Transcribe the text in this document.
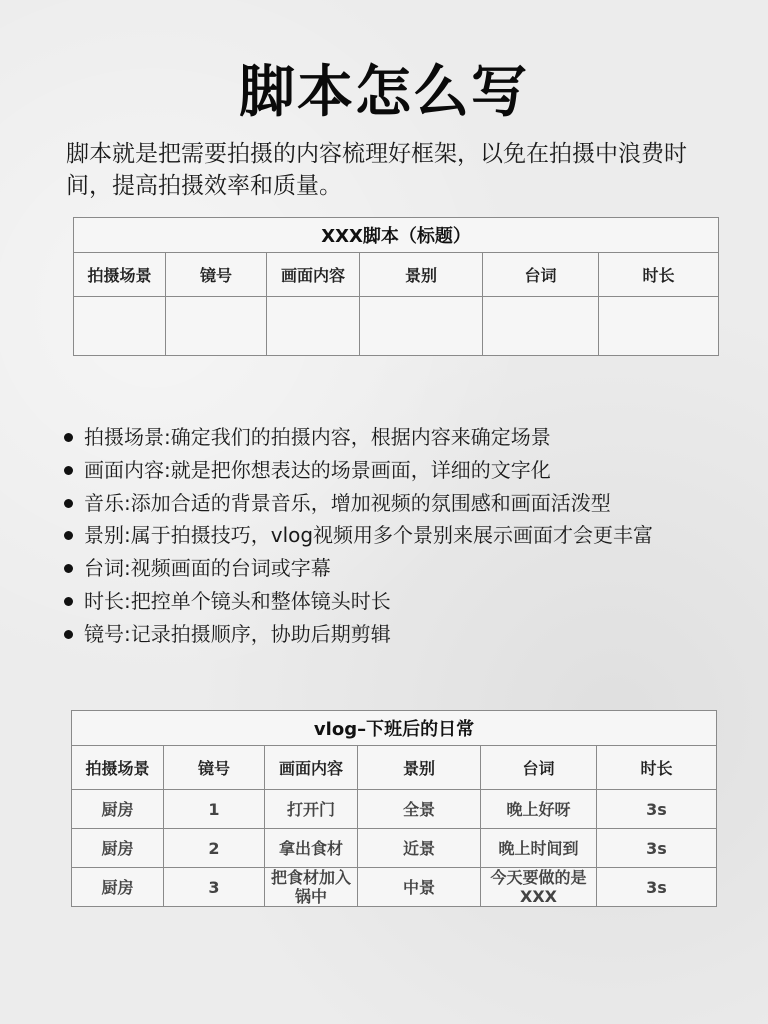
脚本怎么写
脚本就是把需要拍摄的内容梳理好框架，以免在拍摄中浪费时间，提高拍摄效率和质量。
XXX脚本（标题）					
拍摄场景	镜号	画面内容	景别	台词	时长

拍摄场景:确定我们的拍摄内容，根据内容来确定场景
画面内容:就是把你想表达的场景画面，详细的文字化
音乐:添加合适的背景音乐，增加视频的氛围感和画面活泼型
景别:属于拍摄技巧，vlog视频用多个景别来展示画面才会更丰富
台词:视频画面的台词或字幕
时长:把控单个镜头和整体镜头时长
镜号:记录拍摄顺序，协助后期剪辑
vlog–下班后的日常					
拍摄场景	镜号	画面内容	景别	台词	时长
厨房	1	打开门	全景	晚上好呀	3s
厨房	2	拿出食材	近景	晚上时间到	3s
厨房	3	把食材加入锅中	中景	今天要做的是XXX	3s
